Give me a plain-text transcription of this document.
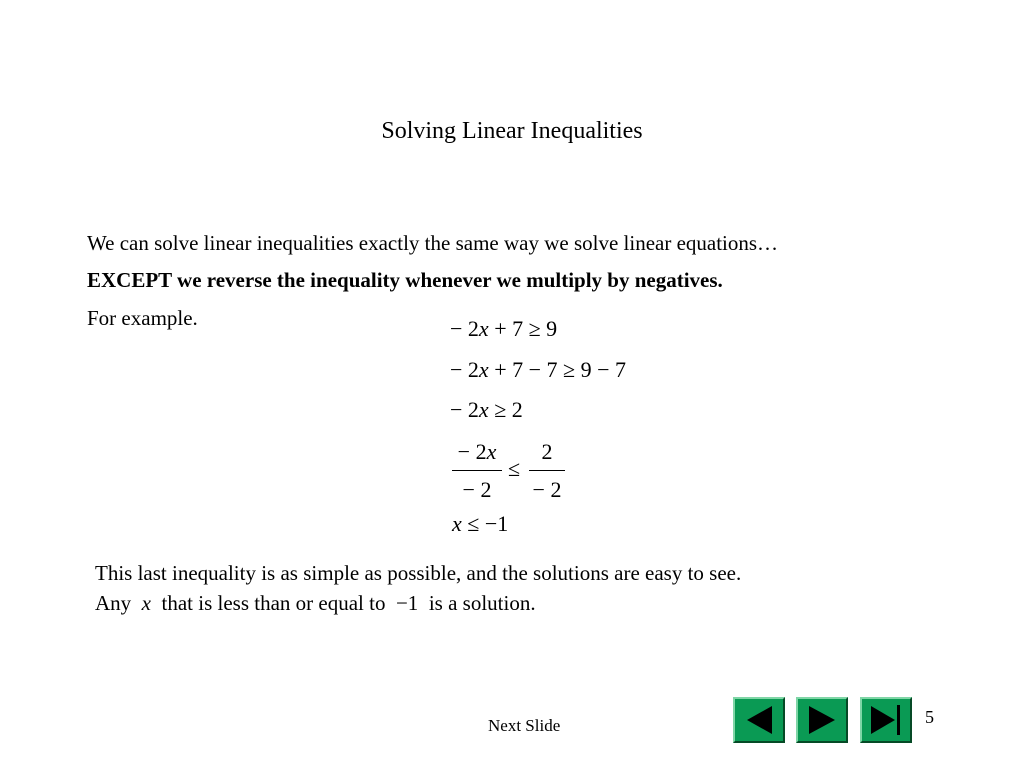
Solving Linear Inequalities
We can solve linear inequalities exactly the same way we solve linear equations…
EXCEPT we reverse the inequality whenever we multiply by negatives.
For example.	− 2x + 7 ≥ 9
− 2x + 7 − 7 ≥ 9 − 7
− 2x ≥ 2
− 2x
− 2
≤
2
− 2
x ≤ −1
This last inequality is as simple as possible, and the solutions are easy to see.
Any x that is less than or equal to −1 is a solution.
Next Slide	5
